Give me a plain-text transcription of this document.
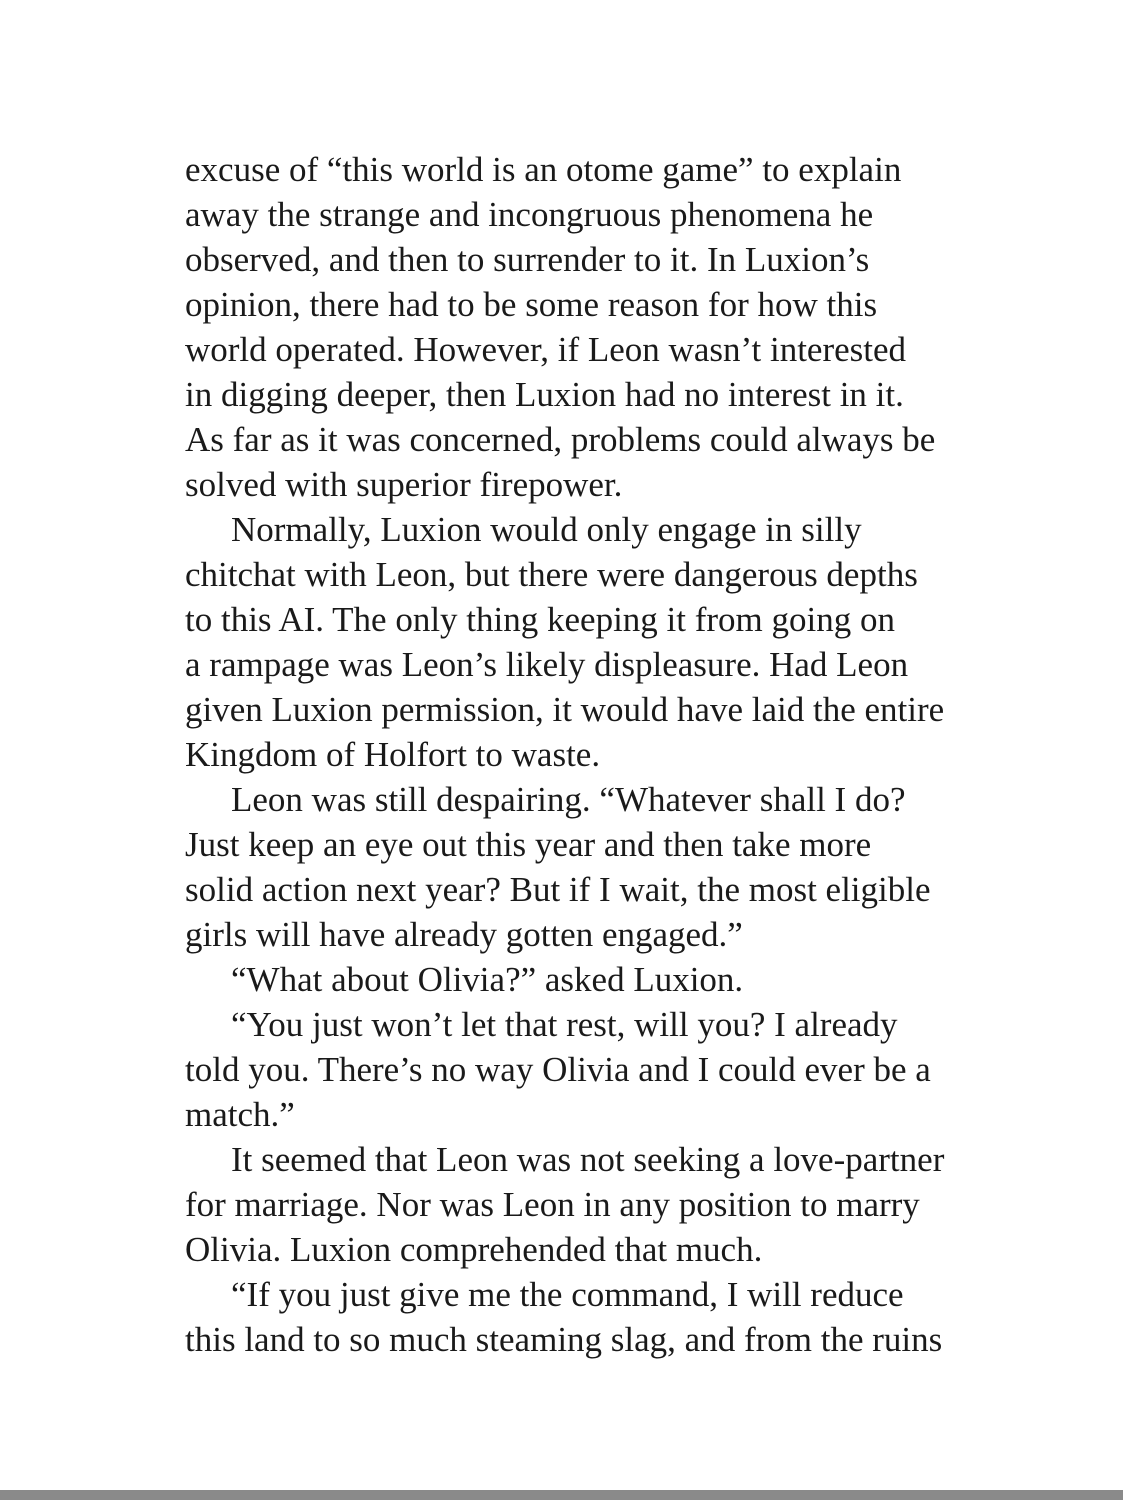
excuse of “this world is an otome game” to explain
away the strange and incongruous phenomena he
observed, and then to surrender to it. In Luxion’s
opinion, there had to be some reason for how this
world operated. However, if Leon wasn’t interested
in digging deeper, then Luxion had no interest in it.
As far as it was concerned, problems could always be
solved with superior firepower.
Normally, Luxion would only engage in silly
chitchat with Leon, but there were dangerous depths
to this AI. The only thing keeping it from going on
a rampage was Leon’s likely displeasure. Had Leon
given Luxion permission, it would have laid the entire
Kingdom of Holfort to waste.
Leon was still despairing. “Whatever shall I do?
Just keep an eye out this year and then take more
solid action next year? But if I wait, the most eligible
girls will have already gotten engaged.”
“What about Olivia?” asked Luxion.
“You just won’t let that rest, will you? I already
told you. There’s no way Olivia and I could ever be a
match.”
It seemed that Leon was not seeking a love-partner
for marriage. Nor was Leon in any position to marry
Olivia. Luxion comprehended that much.
“If you just give me the command, I will reduce
this land to so much steaming slag, and from the ruins
